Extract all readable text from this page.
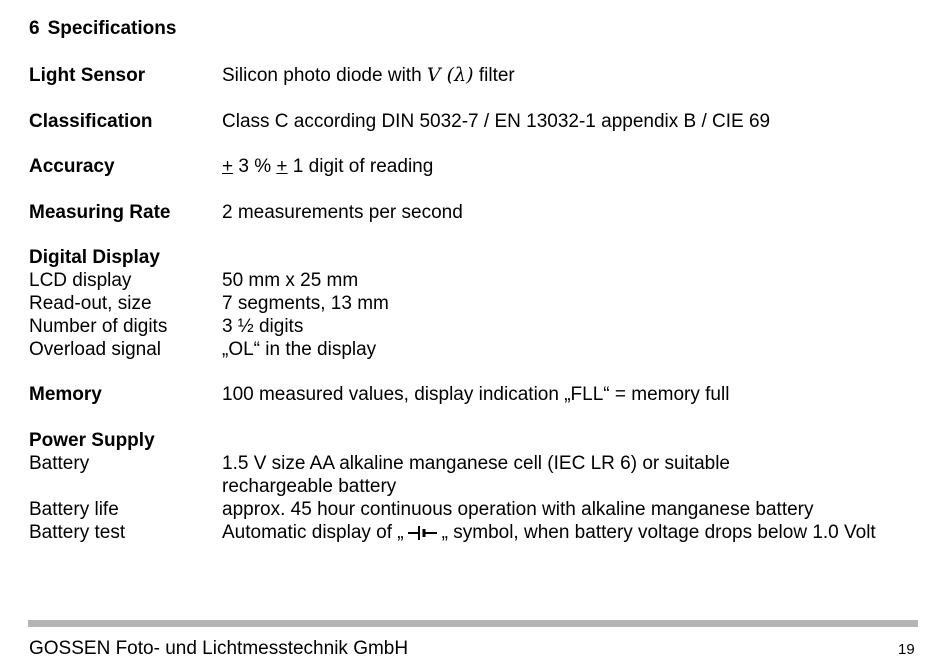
6 Specifications
Light Sensor	Silicon photo diode with V (λ) filter
Classification	Class C according DIN 5032-7 / EN 13032-1 appendix B / CIE 69
Accuracy	+ 3 % + 1 digit of reading
Measuring Rate	2 measurements per second
Digital Display
LCD display	50 mm x 25 mm
Read-out, size	7 segments, 13 mm
Number of digits	3 ½ digits
Overload signal	„OL“ in the display
Memory	100 measured values, display indication „FLL“ = memory full
Power Supply
Battery	1.5 V size AA alkaline manganese cell (IEC LR 6) or suitable
rechargeable battery
Battery life	approx. 45 hour continuous operation with alkaline manganese battery
Battery test	Automatic display of „ „ symbol, when battery voltage drops below 1.0 Volt
GOSSEN Foto- und Lichtmesstechnik GmbH	19
